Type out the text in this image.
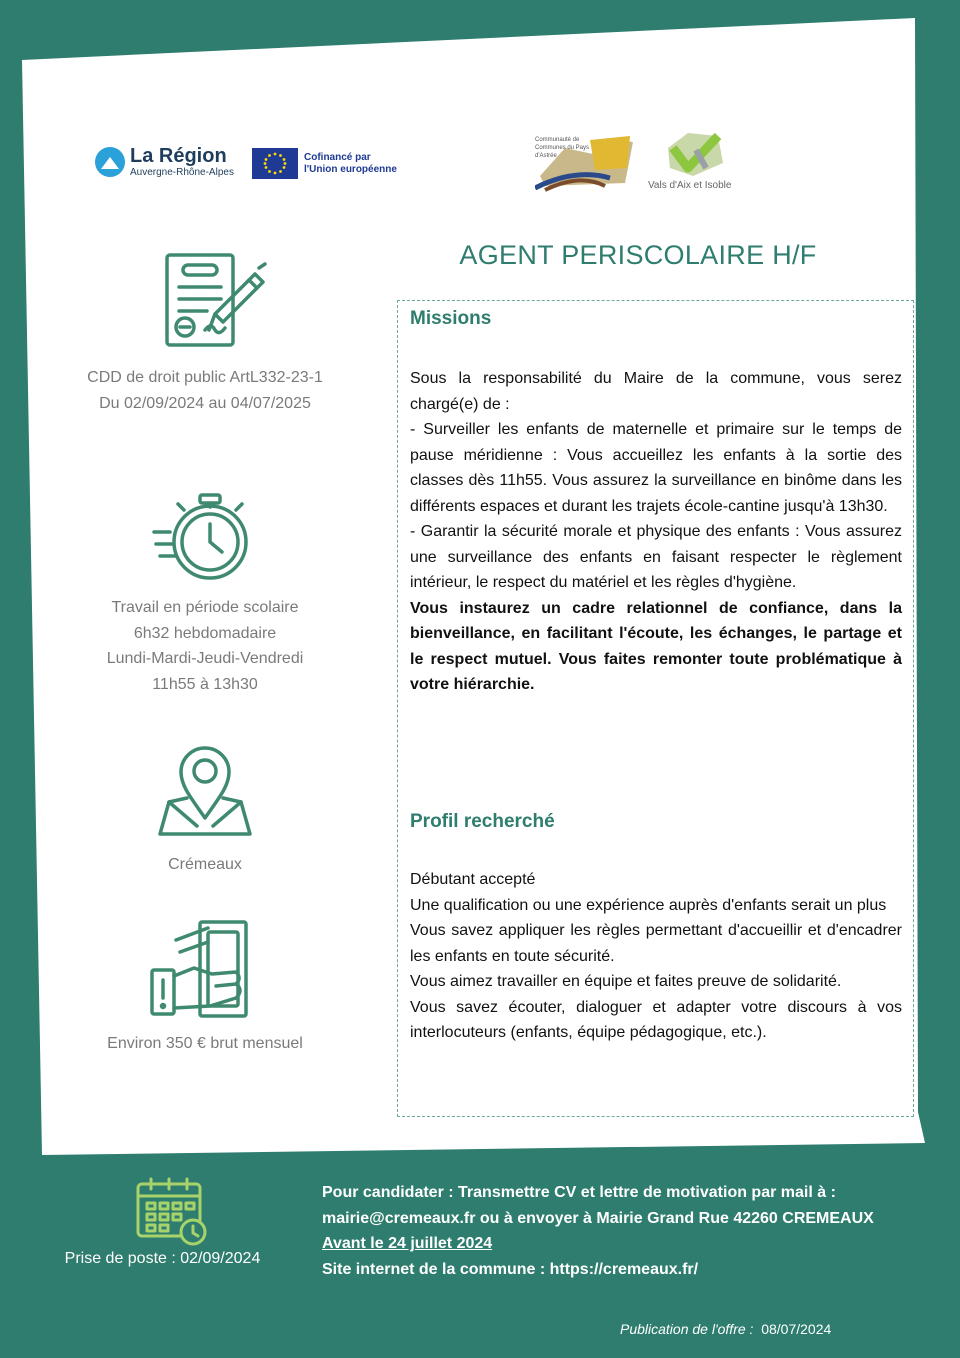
La Région
Auvergne-Rhône-Alpes
Cofinancé par
l'Union européenne
Communauté de Communes du Pays d'Astrée
Vals d'Aix et Isoble
CDD de droit public ArtL332-23-1
Du 02/09/2024 au 04/07/2025
Travail en période scolaire
6h32 hebdomadaire
Lundi-Mardi-Jeudi-Vendredi
11h55 à 13h30
Crémeaux
Environ 350 € brut mensuel
AGENT PERISCOLAIRE H/F
Missions

Sous la responsabilité du Maire de la commune, vous serez chargé(e) de :

- Surveiller les enfants de maternelle et primaire sur le temps de pause méridienne : Vous accueillez les enfants à la sortie des classes dès 11h55. Vous assurez la surveillance en binôme dans les différents espaces et durant les trajets école-cantine jusqu'à 13h30.

- Garantir la sécurité morale et physique des enfants : Vous assurez une surveillance des enfants en faisant respecter le règlement intérieur, le respect du matériel et les règles d'hygiène.

Vous instaurez un cadre relationnel de confiance, dans la bienveillance, en facilitant l'écoute, les échanges, le partage et le respect mutuel. Vous faites remonter toute problématique à votre hiérarchie.

Profil recherché

Débutant accepté

Une qualification ou une expérience auprès d'enfants serait un plus

Vous savez appliquer les règles permettant d'accueillir et d'encadrer les enfants en toute sécurité.

Vous aimez travailler en équipe et faites preuve de solidarité.

Vous savez écouter, dialoguer et adapter votre discours à vos interlocuteurs (enfants, équipe pédagogique, etc.).

Prise de poste : 02/09/2024
Pour candidater : Transmettre CV et lettre de motivation par mail à :
mairie@cremeaux.fr ou à envoyer à Mairie Grand Rue 42260 CREMEAUX
Avant le 24 juillet 2024
Site internet de la commune : https://cremeaux.fr/
Publication de l'offre : 08/07/2024
